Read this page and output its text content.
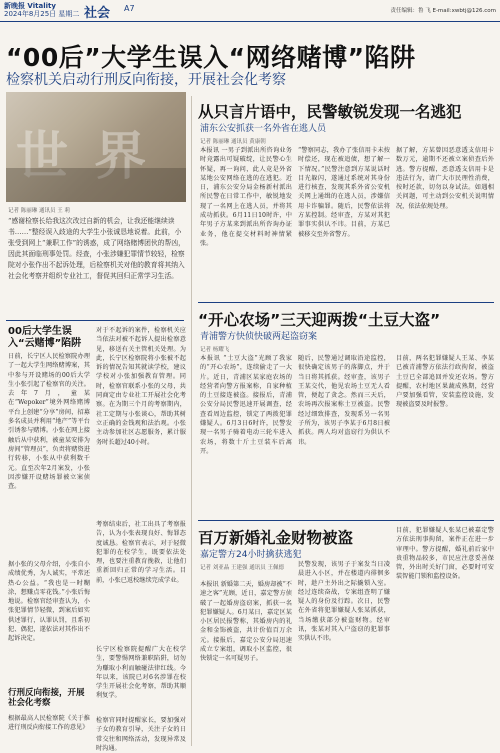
新晚报 Vitality
2024年8月25日 星期二 社会 A7	责任编辑：鲁 飞 E-mail:xwbtj@126.com
“00后”大学生误入“网络赌博”陷阱
检察机关启动行刑反向衔接，开展社会化考察
世 界
记者 陈丽琳 通讯员 王 莉
“感谢检察长给我这次改过自新的机会，让我还能继续读书……”整经误入歧途的大学生小张诚恳地说着。此前，小张受到网上“兼职工作”的诱惑，成了网络赌博团伙的帮凶，因此其面临刑事处罚。经查，小张涉嫌犯罪情节较轻，检察院对小张作出不起诉处理，后检察机关对他的教育将其纳入社会化考察并组织专业社工，督促其回归正常学习生活。
00后大学生误入“云赌博”陷阱
日前，长宁区人民检察院办理了一起大学生网络赌博案，其中参与开设赌场的00后大学生小张引起了检察官的关注。去年7月，童某在“Wepoker”境外网络赌博平台上创建“分享”房间，招募多名成员并利用“地产”等平台引诱参与赌博。小张在网上接触后从中获利，被童某安排为房间“管理员”，负责将赌资进行转移，小张从中获利数千元。直至次年2月案发，小张因涉嫌开设赌场罪被立案侦查。
据小张的父母介绍，小张自小成绩优秀，为人诚实，平常还热心公益。“我也是一时糊涂，想赚点零花钱。”小张后悔地说。检察官经审查认为，小张犯罪情节轻微，到案后如实供述罪行，认罪认罚，且系初犯、偶犯，遂依法对其作出不起诉决定。
行刑反向衔接，开展社会化考察
根据最高人民检察院《关于推进行刑反向衔接工作的意见》
对于不起诉的案件，检察机关应当依法对被不起诉人提出检察意见，移送有关主管机关处理。为此，长宁区检察院将小张被不起诉的情况告知其就读学校，建议学校对小张加强教育管理。同时，检察官联系小张的父母，共同商定由专业社工开展社会化考察。在为期三个月的考察期内，社工定期与小张谈心，帮助其树立正确的金钱观和法治观。小张主动参加社区志愿服务，累计服务时长超过40小时。
考察结束后，社工出具了考察报告，认为小张表现良好、悔罪态度诚恳。检察官表示，对于轻微犯罪的在校学生，既要依法处理，也要注重教育挽救，让他们重新回归正常的学习生活。目前，小张已返校继续完成学业。
长宁区检察院提醒广大在校学生，要警惕网络兼职陷阱，切勿为赚取小利而触碰法律红线。今年以来，该院已对6名涉罪在校学生开展社会化考察，帮助其顺利复学。
检察官同时提醒家长，要加强对子女的教育引导，关注子女的日常交往和网络活动，发现异常及时沟通。
从只言片语中，民警敏锐发现一名逃犯
浦东公安抓获一名外省在逃人员
记者 陈丽琳 通讯员 黄康朝
本报讯 一男子到派出所咨询业务时竟露出可疑破绽，让民警心生怀疑，再一询问，此人竟是外省某地公安网络在逃的在逃犯。近日，浦东公安分局金杨新村派出所民警在日常工作中，敏锐地发现了一名网上在逃人员，并将其成功抓获。6月11日10时许，中年男子方某来到派出所咨询办证业务，他在提交材料时神情紧张。
“警察同志，我办了张信用卡未按时偿还，现在被追债，想了解一下情况。”民警注意到方某说话时目光躲闪，遂通过系统对其身份进行核查，发现其系外省公安机关网上通缉的在逃人员，涉嫌信用卡诈骗罪。随后，民警依法将方某控制。经审查，方某对其犯罪事实供认不讳。目前，方某已被移交至外省警方。
据了解，方某曾因恶意透支信用卡数万元，逾期不还被立案侦查后外逃。警方提醒，恶意透支信用卡是违法行为，请广大市民理性消费，按时还款，切勿以身试法。如遇相关问题，可主动到公安机关说明情况，依法依规处理。
“开心农场”三天迎两拨“土豆大盗”
青浦警方快侦快破两起盗窃案
记者 杨耀飞
本报讯 “土豆大盗”光顾了我家的“开心农场”，连续偷走了一大片。近日，青浦区某家庭农场的经营者向警方报案称，自家种植的土豆接连被盗。接报后，青浦公安分局民警迅速开展调查，经查看周边监控，锁定了两拨犯罪嫌疑人。6月3日6时许，民警发现一名男子骑着电动三轮车进入农场，将数十斤土豆装车后离开。
随后，民警通过调取沿途监控，很快确定该男子的落脚点，并于当日将其抓获。经审查，该男子王某交代，他见农场土豆无人看管，便起了贪念。然而三天后，农场再次报案称土豆被盗。民警经过细致排查，发现系另一名男子所为，该男子李某于6月8日被抓获。两人均对盗窃行为供认不讳。
目前，两名犯罪嫌疑人王某、李某已被青浦警方依法行政拘留，被盗土豆已全部追回并发还农场。警方提醒，农村地区果蔬成熟期，经营户要加强看管，安装监控设施，发现被盗要及时报警。
百万新婚礼金财物被盗
嘉定警方24小时擒获逃犯
记者 刘亚晶 王建强 通讯员 王佩德
本报讯 新婚第二天，婚房却被“不速之客”光顾，近日，嘉定警方侦破了一起婚房盗窃案，抓获一名犯罪嫌疑人。6月某日，嘉定区某小区居民报警称，其婚房内的礼金和金饰被盗，共计价值百万余元。接报后，嘉定公安分局迅速成立专案组，调取小区监控，很快锁定一名可疑男子。
民警发现，该男子于案发当日凌晨进入小区，并在楼道内徘徊多时，趁户主外出之际撬锁入室。经过连续奋战，专案组查明了嫌疑人的身份及行踪。次日，民警在外省将犯罪嫌疑人张某抓获，当场缴获部分被盗财物。经审讯，张某对其入户盗窃的犯罪事实供认不讳。
目前，犯罪嫌疑人张某已被嘉定警方依法刑事拘留，案件正在进一步审理中。警方提醒，婚礼前后家中贵重物品较多，市民应注意妥善保管，外出时关好门窗，必要时可安装智能门锁和监控设备。
